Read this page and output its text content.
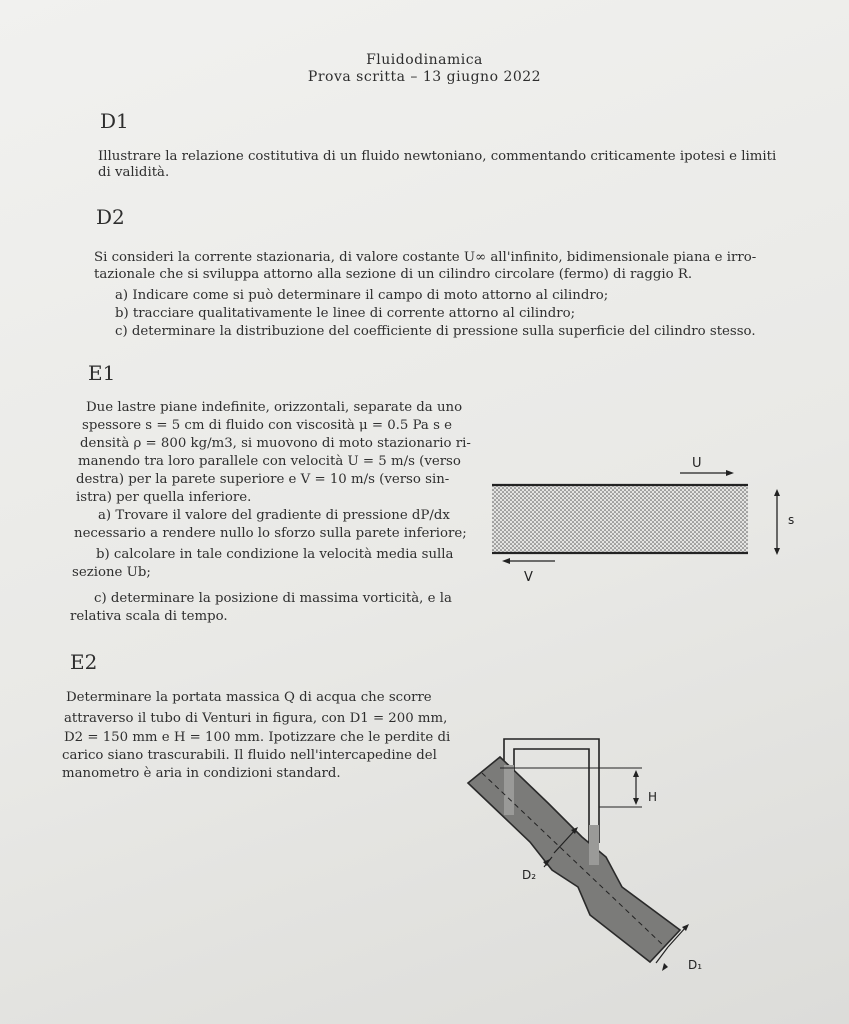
Fluidodinamica
Prova scritta – 13 giugno 2022
D1
Illustrare la relazione costitutiva di un fluido newtoniano, commentando criticamente ipotesi e limiti
di validità.
D2
Si consideri la corrente stazionaria, di valore costante U∞ all'infinito, bidimensionale piana e irro-
tazionale che si sviluppa attorno alla sezione di un cilindro circolare (fermo) di raggio R.
a) Indicare come si può determinare il campo di moto attorno al cilindro;
b) tracciare qualitativamente le linee di corrente attorno al cilindro;
c) determinare la distribuzione del coefficiente di pressione sulla superficie del cilindro stesso.
E1
Due lastre piane indefinite, orizzontali, separate da uno
spessore s = 5 cm di fluido con viscosità μ = 0.5 Pa s e
densità ρ = 800 kg/m3, si muovono di moto stazionario ri-
manendo tra loro parallele con velocità U = 5 m/s (verso
destra) per la parete superiore e V = 10 m/s (verso sin-
istra) per quella inferiore.
a) Trovare il valore del gradiente di pressione dP/dx
necessario a rendere nullo lo sforzo sulla parete inferiore;
b) calcolare in tale condizione la velocità media sulla
sezione Ub;
c) determinare la posizione di massima vorticità, e la
relativa scala di tempo.
U
V
s
E2
Determinare la portata massica Q di acqua che scorre
attraverso il tubo di Venturi in figura, con D1 = 200 mm,
D2 = 150 mm e H = 100 mm. Ipotizzare che le perdite di
carico siano trascurabili. Il fluido nell'intercapedine del
manometro è aria in condizioni standard.
H
D₂
D₁
